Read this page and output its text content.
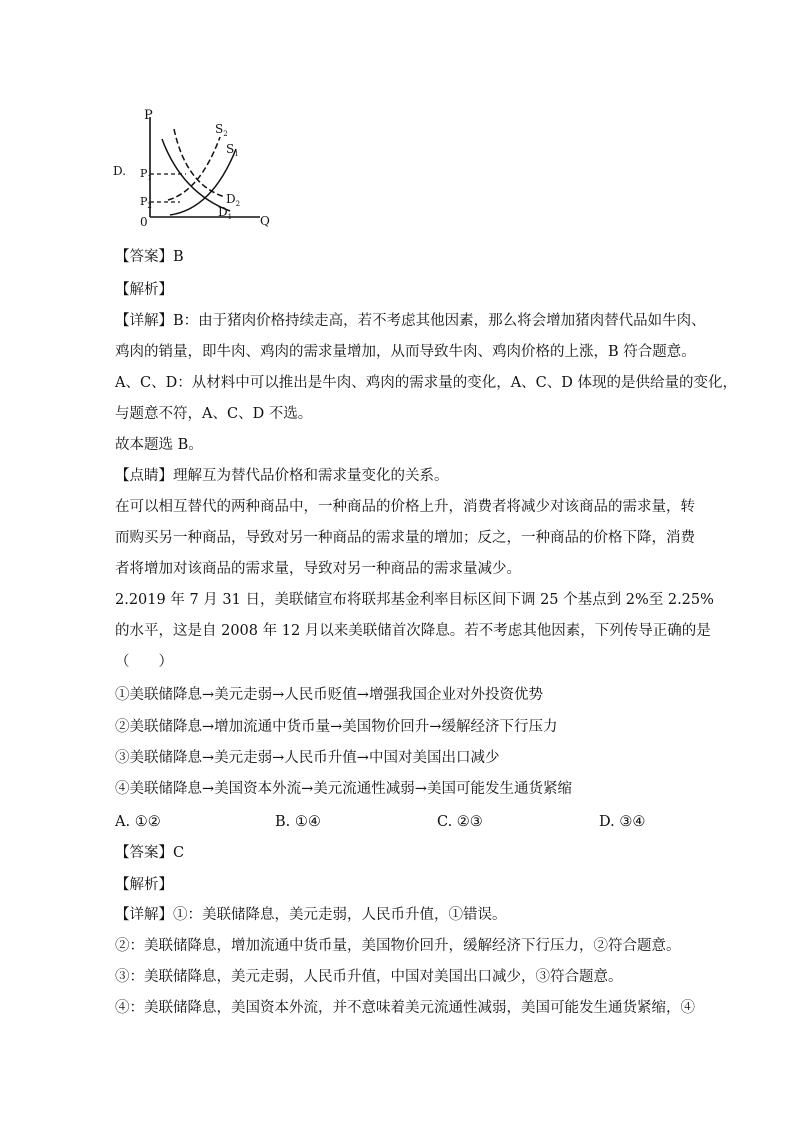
D.
P
Q
0
$S_2$
$S_1$
$P_1$
$P_2$	$D_2$
$D_1$
【答案】B
【解析】
【详解】B：由于猪肉价格持续走高，若不考虑其他因素，那么将会增加猪肉替代品如牛肉、
鸡肉的销量，即牛肉、鸡肉的需求量增加，从而导致牛肉、鸡肉价格的上涨，B 符合题意。
A、C、D：从材料中可以推出是牛肉、鸡肉的需求量的变化，A、C、D 体现的是供给量的变化，
与题意不符，A、C、D 不选。
故本题选 B。
【点睛】理解互为替代品价格和需求量变化的关系。
在可以相互替代的两种商品中，一种商品的价格上升，消费者将减少对该商品的需求量，转
而购买另一种商品，导致对另一种商品的需求量的增加；反之，一种商品的价格下降，消费
者将增加对该商品的需求量，导致对另一种商品的需求量减少。
2.2019 年 7 月 31 日，美联储宣布将联邦基金利率目标区间下调 25 个基点到 2%至 2.25%
的水平，这是自 2008 年 12 月以来美联储首次降息。若不考虑其他因素，下列传导正确的是
（　　）
①美联储降息→美元走弱→人民币贬值→增强我国企业对外投资优势
②美联储降息→增加流通中货币量→美国物价回升→缓解经济下行压力
③美联储降息→美元走弱→人民币升值→中国对美国出口减少
④美联储降息→美国资本外流→美元流通性减弱→美国可能发生通货紧缩
A. ①②	B. ①④	C. ②③	D. ③④
【答案】C
【解析】
【详解】①：美联储降息，美元走弱，人民币升值，①错误。
②：美联储降息，增加流通中货币量，美国物价回升，缓解经济下行压力，②符合题意。
③：美联储降息，美元走弱，人民币升值，中国对美国出口减少，③符合题意。
④：美联储降息，美国资本外流，并不意味着美元流通性减弱，美国可能发生通货紧缩，④
